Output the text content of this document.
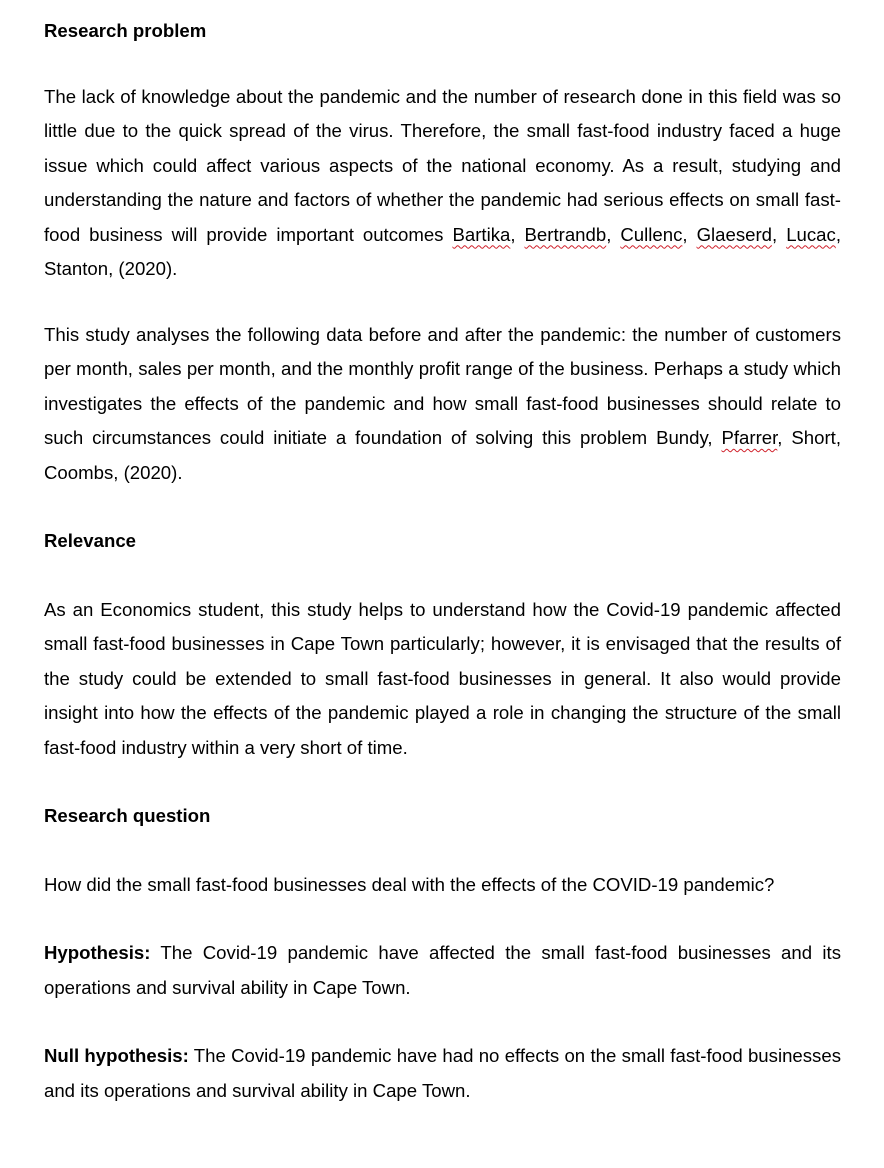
Research problem

The lack of knowledge about the pandemic and the number of research done in this field was so little due to the quick spread of the virus. Therefore, the small fast-food industry faced a huge issue which could affect various aspects of the national economy. As a result, studying and understanding the nature and factors of whether the pandemic had serious effects on small fast-food business will provide important outcomes Bartika, Bertrandb, Cullenc, Glaeserd, Lucac, Stanton, (2020).

This study analyses the following data before and after the pandemic: the number of customers per month, sales per month, and the monthly profit range of the business. Perhaps a study which investigates the effects of the pandemic and how small fast-food businesses should relate to such circumstances could initiate a foundation of solving this problem Bundy, Pfarrer, Short, Coombs, (2020).

Relevance

As an Economics student, this study helps to understand how the Covid-19 pandemic affected small fast-food businesses in Cape Town particularly; however, it is envisaged that the results of the study could be extended to small fast-food businesses in general. It also would provide insight into how the effects of the pandemic played a role in changing the structure of the small fast-food industry within a very short of time.

Research question

How did the small fast-food businesses deal with the effects of the COVID-19 pandemic?

Hypothesis: The Covid-19 pandemic have affected the small fast-food businesses and its operations and survival ability in Cape Town.

Null hypothesis: The Covid-19 pandemic have had no effects on the small fast-food businesses and its operations and survival ability in Cape Town.
